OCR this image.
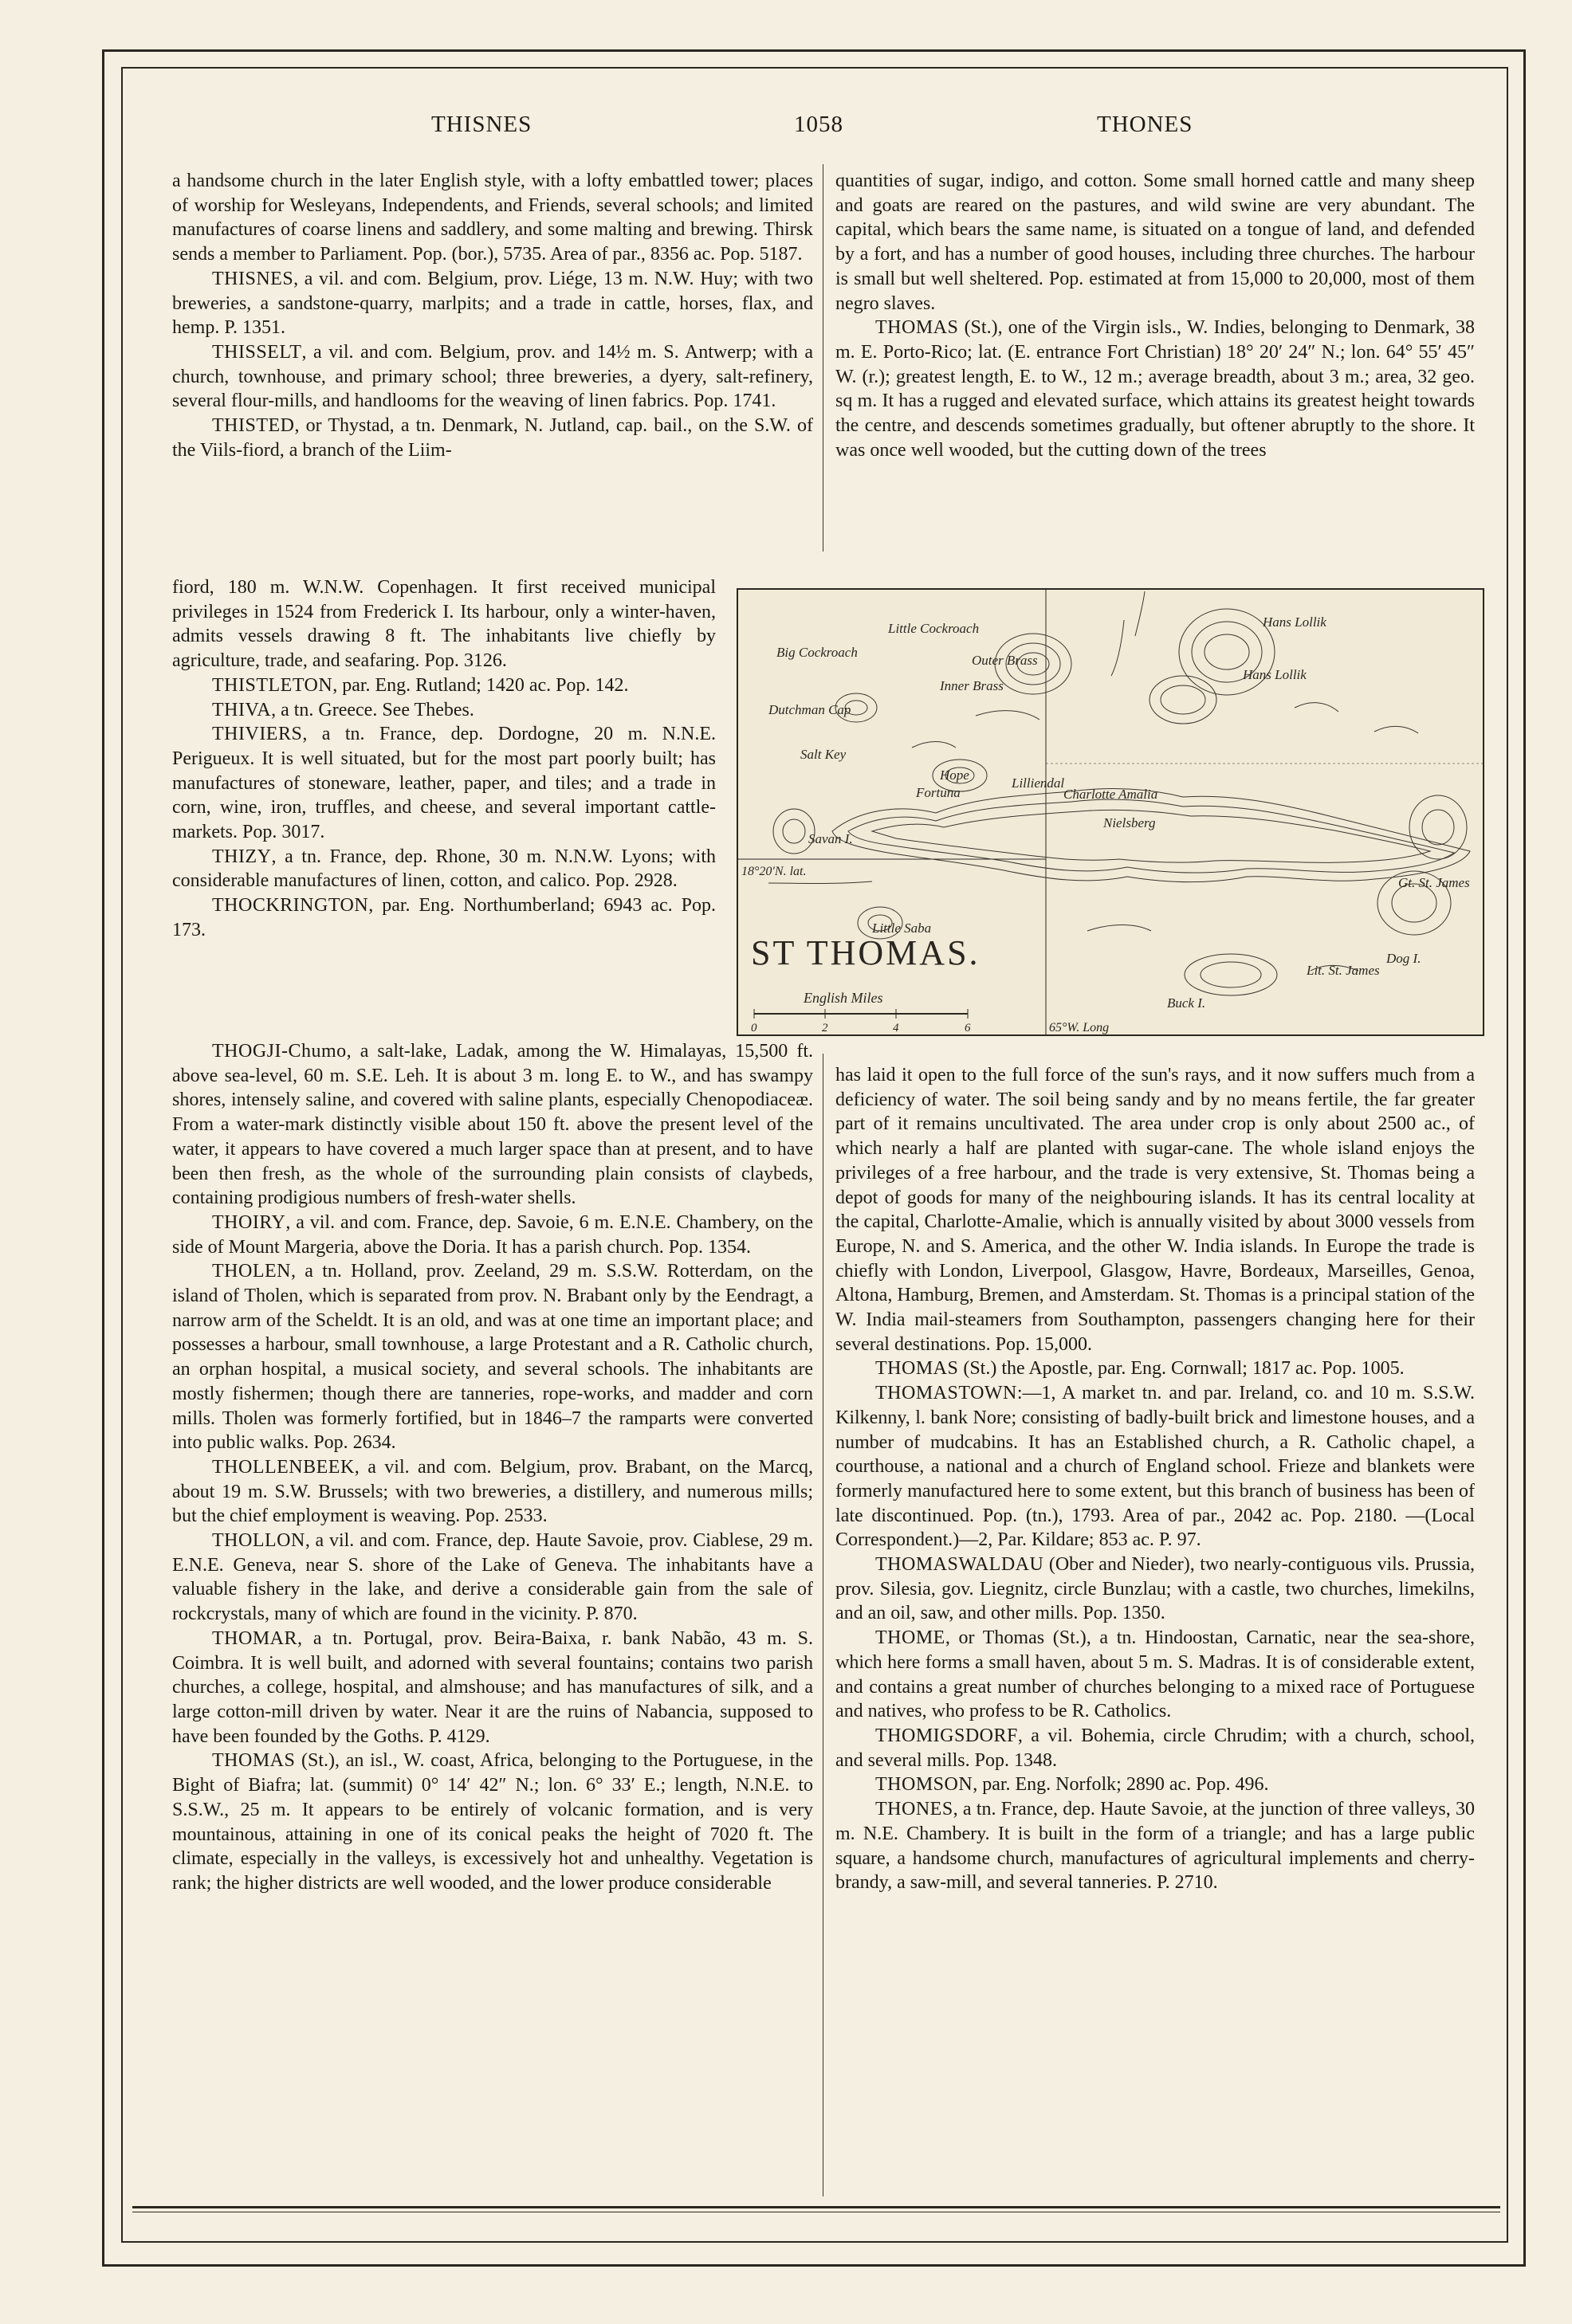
THISNES	1058	THONES

a handsome church in the later English style, with a lofty embattled tower; places of worship for Wesleyans, Independents, and Friends, several schools; and limited manufactures of coarse linens and saddlery, and some malting and brewing. Thirsk sends a member to Parliament. Pop. (bor.), 5735. Area of par., 8356 ac. Pop. 5187.

THISNES, a vil. and com. Belgium, prov. Liége, 13 m. N.W. Huy; with two breweries, a sandstone-quarry, marlpits; and a trade in cattle, horses, flax, and hemp. P. 1351.

THISSELT, a vil. and com. Belgium, prov. and 14½ m. S. Antwerp; with a church, townhouse, and primary school; three breweries, a dyery, salt-refinery, several flour-mills, and handlooms for the weaving of linen fabrics. Pop. 1741.

THISTED, or Thystad, a tn. Denmark, N. Jutland, cap. bail., on the S.W. of the Viils-fiord, a branch of the Liim-

fiord, 180 m. W.N.W. Copenhagen. It first received municipal privileges in 1524 from Frederick I. Its harbour, only a winter-haven, admits vessels drawing 8 ft. The inhabitants live chiefly by agriculture, trade, and seafaring. Pop. 3126.

THISTLETON, par. Eng. Rutland; 1420 ac. Pop. 142.

THIVA, a tn. Greece. See Thebes.

THIVIERS, a tn. France, dep. Dordogne, 20 m. N.N.E. Perigueux. It is well situated, but for the most part poorly built; has manufactures of stoneware, leather, paper, and tiles; and a trade in corn, wine, iron, truffles, and cheese, and several important cattle-markets. Pop. 3017.

THIZY, a tn. France, dep. Rhone, 30 m. N.N.W. Lyons; with considerable manufactures of linen, cotton, and calico. Pop. 2928.

THOCKRINGTON, par. Eng. Northumberland; 6943 ac. Pop. 173.

THOGJI-Chumo, a salt-lake, Ladak, among the W. Himalayas, 15,500 ft. above sea-level, 60 m. S.E. Leh. It is about 3 m. long E. to W., and has swampy shores, intensely saline, and covered with saline plants, especially Chenopodiaceæ. From a water-mark distinctly visible about 150 ft. above the present level of the water, it appears to have covered a much larger space than at present, and to have been then fresh, as the whole of the surrounding plain consists of claybeds, containing prodigious numbers of fresh-water shells.

THOIRY, a vil. and com. France, dep. Savoie, 6 m. E.N.E. Chambery, on the side of Mount Margeria, above the Doria. It has a parish church. Pop. 1354.

THOLEN, a tn. Holland, prov. Zeeland, 29 m. S.S.W. Rotterdam, on the island of Tholen, which is separated from prov. N. Brabant only by the Eendragt, a narrow arm of the Scheldt. It is an old, and was at one time an important place; and possesses a harbour, small townhouse, a large Protestant and a R. Catholic church, an orphan hospital, a musical society, and several schools. The inhabitants are mostly fishermen; though there are tanneries, rope-works, and madder and corn mills. Tholen was formerly fortified, but in 1846–7 the ramparts were converted into public walks. Pop. 2634.

THOLLENBEEK, a vil. and com. Belgium, prov. Brabant, on the Marcq, about 19 m. S.W. Brussels; with two breweries, a distillery, and numerous mills; but the chief employment is weaving. Pop. 2533.

THOLLON, a vil. and com. France, dep. Haute Savoie, prov. Ciablese, 29 m. E.N.E. Geneva, near S. shore of the Lake of Geneva. The inhabitants have a valuable fishery in the lake, and derive a considerable gain from the sale of rockcrystals, many of which are found in the vicinity. P. 870.

THOMAR, a tn. Portugal, prov. Beira-Baixa, r. bank Nabão, 43 m. S. Coimbra. It is well built, and adorned with several fountains; contains two parish churches, a college, hospital, and almshouse; and has manufactures of silk, and a large cotton-mill driven by water. Near it are the ruins of Nabancia, supposed to have been founded by the Goths. P. 4129.

THOMAS (St.), an isl., W. coast, Africa, belonging to the Portuguese, in the Bight of Biafra; lat. (summit) 0° 14′ 42″ N.; lon. 6° 33′ E.; length, N.N.E. to S.S.W., 25 m. It appears to be entirely of volcanic formation, and is very mountainous, attaining in one of its conical peaks the height of 7020 ft. The climate, especially in the valleys, is excessively hot and unhealthy. Vegetation is rank; the higher districts are well wooded, and the lower produce considerable

quantities of sugar, indigo, and cotton. Some small horned cattle and many sheep and goats are reared on the pastures, and wild swine are very abundant. The capital, which bears the same name, is situated on a tongue of land, and defended by a fort, and has a number of good houses, including three churches. The harbour is small but well sheltered. Pop. estimated at from 15,000 to 20,000, most of them negro slaves.

THOMAS (St.), one of the Virgin isls., W. Indies, belonging to Denmark, 38 m. E. Porto-Rico; lat. (E. entrance Fort Christian) 18° 20′ 24″ N.; lon. 64° 55′ 45″ W. (r.); greatest length, E. to W., 12 m.; average breadth, about 3 m.; area, 32 geo. sq m. It has a rugged and elevated surface, which attains its greatest height towards the centre, and descends sometimes gradually, but oftener abruptly to the shore. It was once well wooded, but the cutting down of the trees

has laid it open to the full force of the sun's rays, and it now suffers much from a deficiency of water. The soil being sandy and by no means fertile, the far greater part of it remains uncultivated. The area under crop is only about 2500 ac., of which nearly a half are planted with sugar-cane. The whole island enjoys the privileges of a free harbour, and the trade is very extensive, St. Thomas being a depot of goods for many of the neighbouring islands. It has its central locality at the capital, Charlotte-Amalie, which is annually visited by about 3000 vessels from Europe, N. and S. America, and the other W. India islands. In Europe the trade is chiefly with London, Liverpool, Glasgow, Havre, Bordeaux, Marseilles, Genoa, Altona, Hamburg, Bremen, and Amsterdam. St. Thomas is a principal station of the W. India mail-steamers from Southampton, passengers changing here for their several destinations. Pop. 15,000.

THOMAS (St.) the Apostle, par. Eng. Cornwall; 1817 ac. Pop. 1005.

THOMASTOWN:—1, A market tn. and par. Ireland, co. and 10 m. S.S.W. Kilkenny, l. bank Nore; consisting of badly-built brick and limestone houses, and a number of mudcabins. It has an Established church, a R. Catholic chapel, a courthouse, a national and a church of England school. Frieze and blankets were formerly manufactured here to some extent, but this branch of business has been of late discontinued. Pop. (tn.), 1793. Area of par., 2042 ac. Pop. 2180. —(Local Correspondent.)—2, Par. Kildare; 853 ac. P. 97.

THOMASWALDAU (Ober and Nieder), two nearly-contiguous vils. Prussia, prov. Silesia, gov. Liegnitz, circle Bunzlau; with a castle, two churches, limekilns, and an oil, saw, and other mills. Pop. 1350.

THOME, or Thomas (St.), a tn. Hindoostan, Carnatic, near the sea-shore, which here forms a small haven, about 5 m. S. Madras. It is of considerable extent, and contains a great number of churches belonging to a mixed race of Portuguese and natives, who profess to be R. Catholics.

THOMIGSDORF, a vil. Bohemia, circle Chrudim; with a church, school, and several mills. Pop. 1348.

THOMSON, par. Eng. Norfolk; 2890 ac. Pop. 496.

THONES, a tn. France, dep. Haute Savoie, at the junction of three valleys, 30 m. N.E. Chambery. It is built in the form of a triangle; and has a large public square, a handsome church, manufactures of agricultural implements and cherry-brandy, a saw-mill, and several tanneries. P. 2710.

Little Cockroach
Big Cockroach
Outer Brass
Inner Brass
Dutchman Cap
Hans Lollik
Hans Lollik
Salt Key
Hope
Fortuna
Lilliendal
Charlotte Amalia
Nielsberg
Savan I.
Little Saba
Buck I.
Gt. St. James
Lit. St. James
Dog I.
ST THOMAS.
English Miles
0	2	4	6
18°20′N. lat.
65°W. Long
